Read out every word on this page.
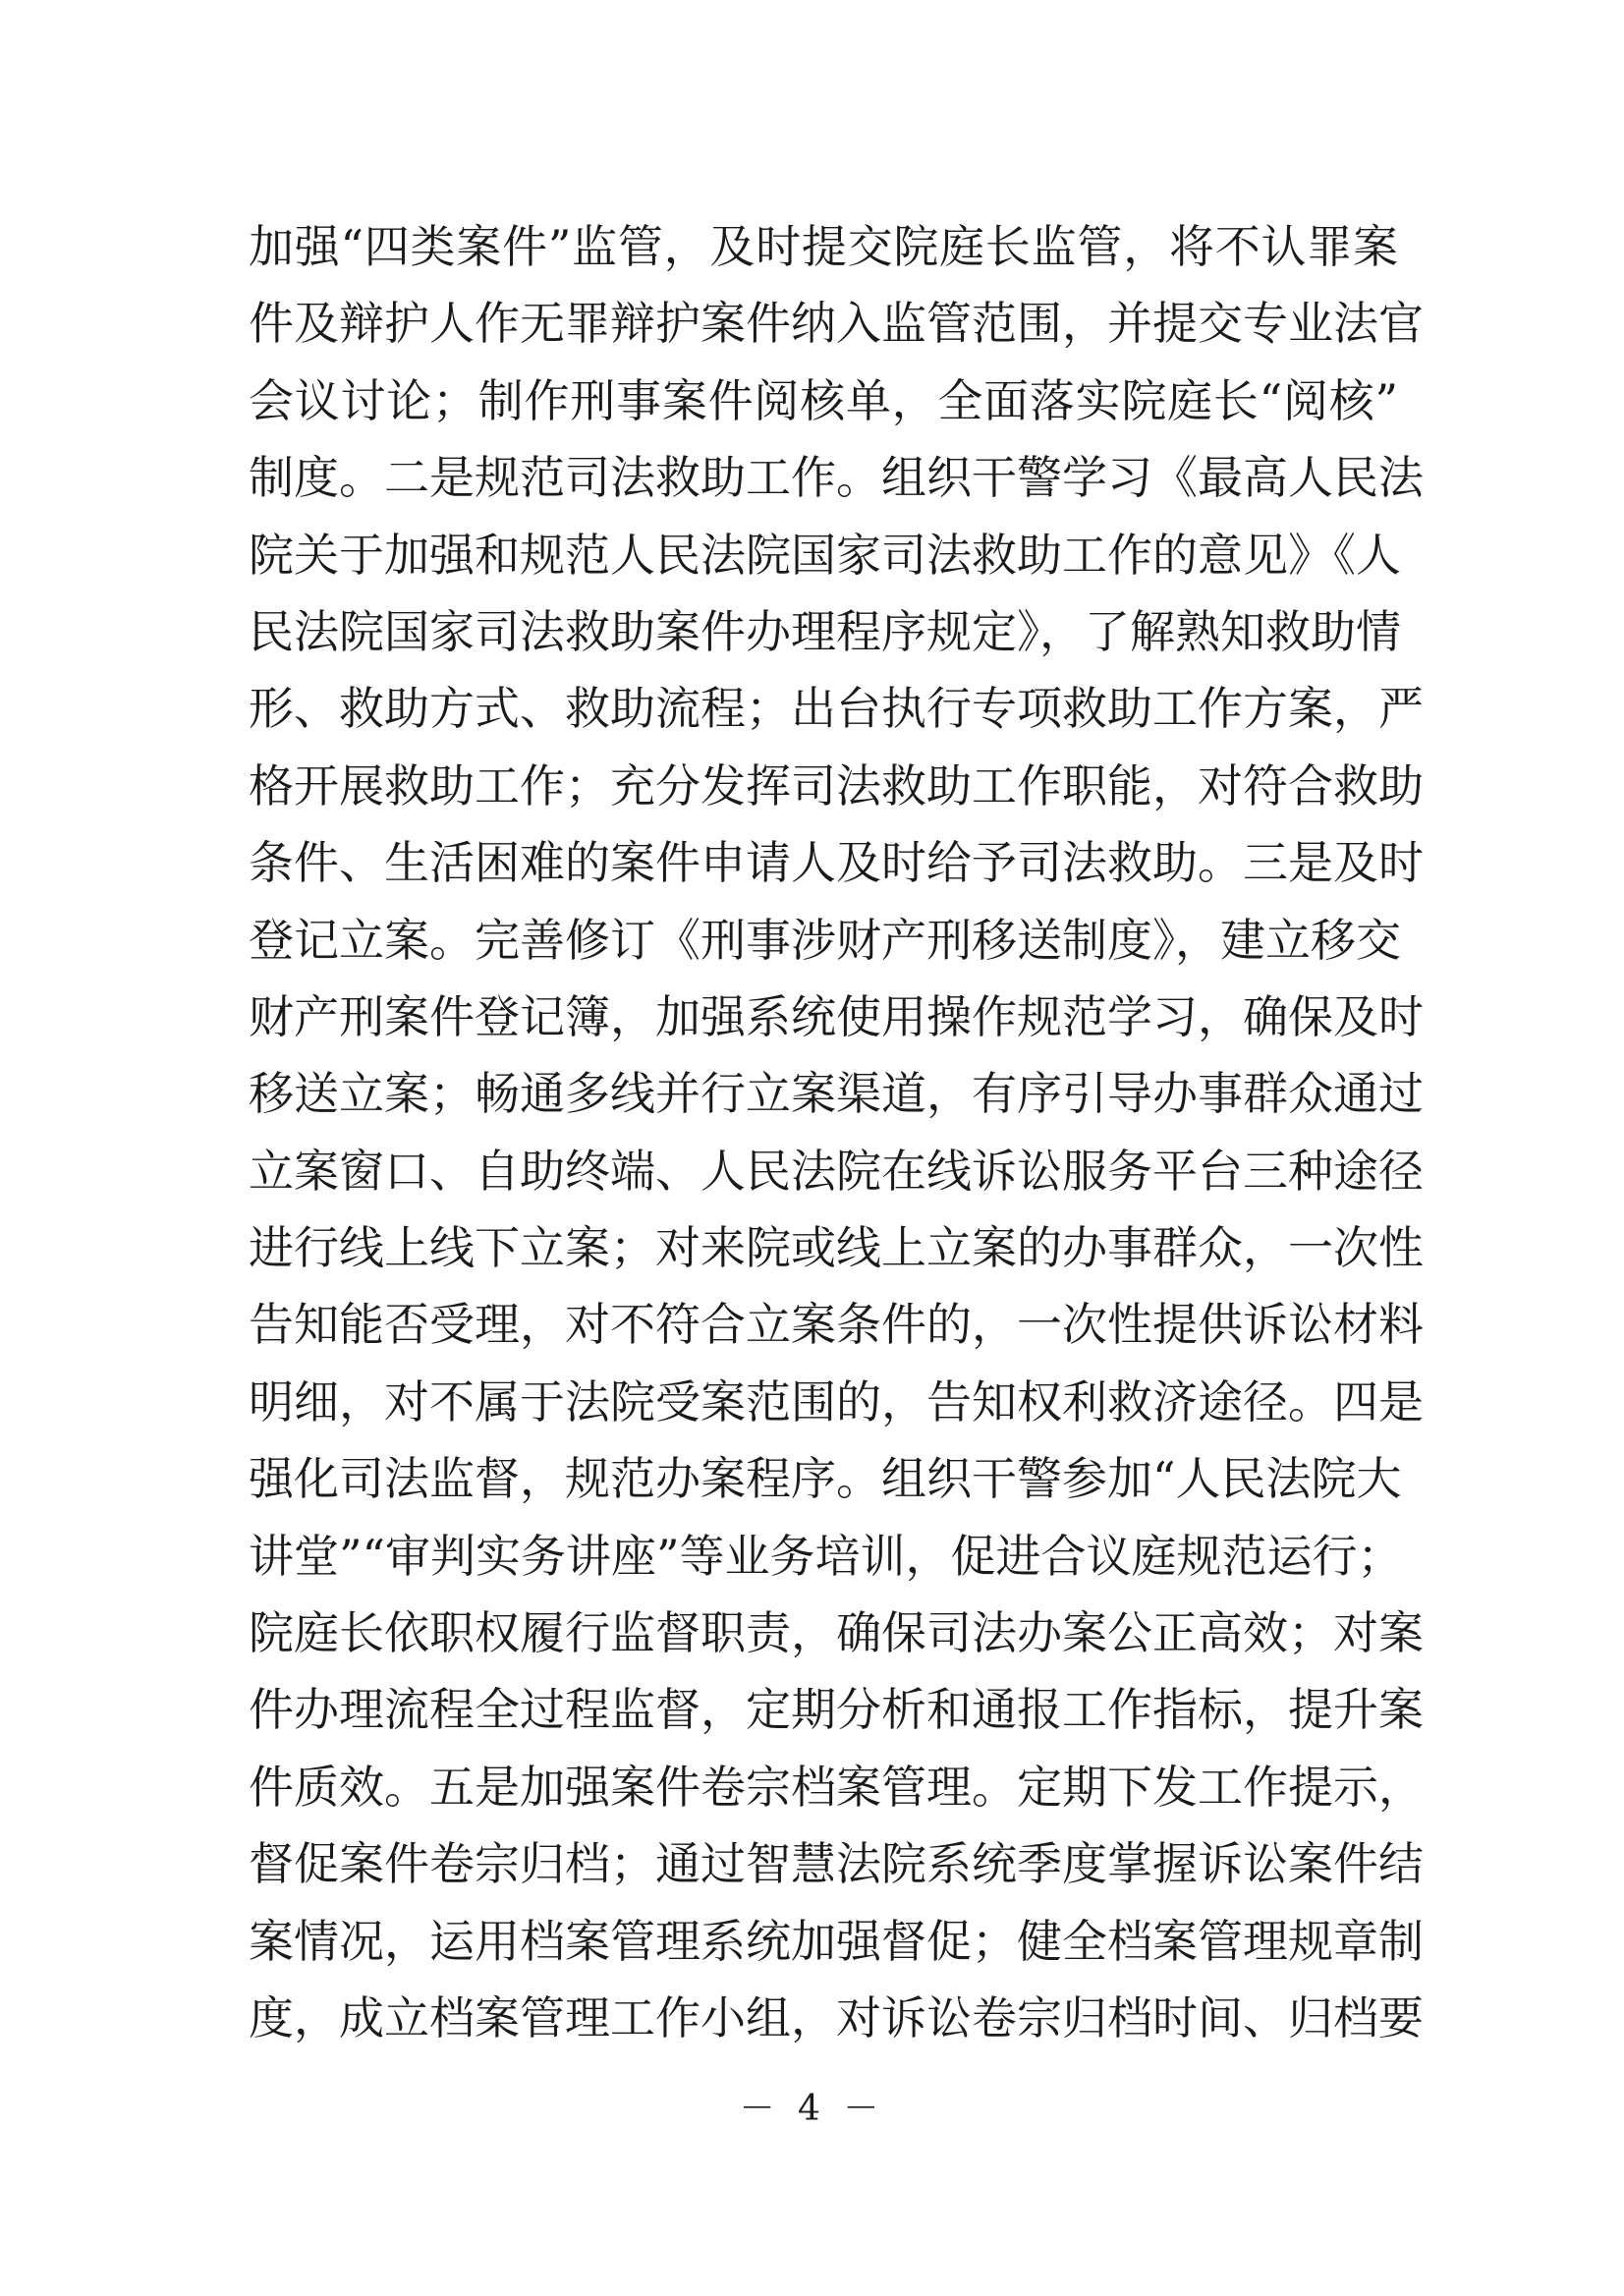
加强“四类案件”监管，及时提交院庭长监管，将不认罪案
件及辩护人作无罪辩护案件纳入监管范围，并提交专业法官
会议讨论；制作刑事案件阅核单，全面落实院庭长“阅核”
制度。二是规范司法救助工作。组织干警学习《最高人民法
院关于加强和规范人民法院国家司法救助工作的意见》《人
民法院国家司法救助案件办理程序规定》，了解熟知救助情
形、救助方式、救助流程；出台执行专项救助工作方案，严
格开展救助工作；充分发挥司法救助工作职能，对符合救助
条件、生活困难的案件申请人及时给予司法救助。三是及时
登记立案。完善修订《刑事涉财产刑移送制度》，建立移交
财产刑案件登记簿，加强系统使用操作规范学习，确保及时
移送立案；畅通多线并行立案渠道，有序引导办事群众通过
立案窗口、自助终端、人民法院在线诉讼服务平台三种途径
进行线上线下立案；对来院或线上立案的办事群众，一次性
告知能否受理，对不符合立案条件的，一次性提供诉讼材料
明细，对不属于法院受案范围的，告知权利救济途径。四是
强化司法监督，规范办案程序。组织干警参加“人民法院大
讲堂”“审判实务讲座”等业务培训，促进合议庭规范运行；
院庭长依职权履行监督职责，确保司法办案公正高效；对案
件办理流程全过程监督，定期分析和通报工作指标，提升案
件质效。五是加强案件卷宗档案管理。定期下发工作提示，
督促案件卷宗归档；通过智慧法院系统季度掌握诉讼案件结
案情况，运用档案管理系统加强督促；健全档案管理规章制
度，成立档案管理工作小组，对诉讼卷宗归档时间、归档要
－ 4 －
